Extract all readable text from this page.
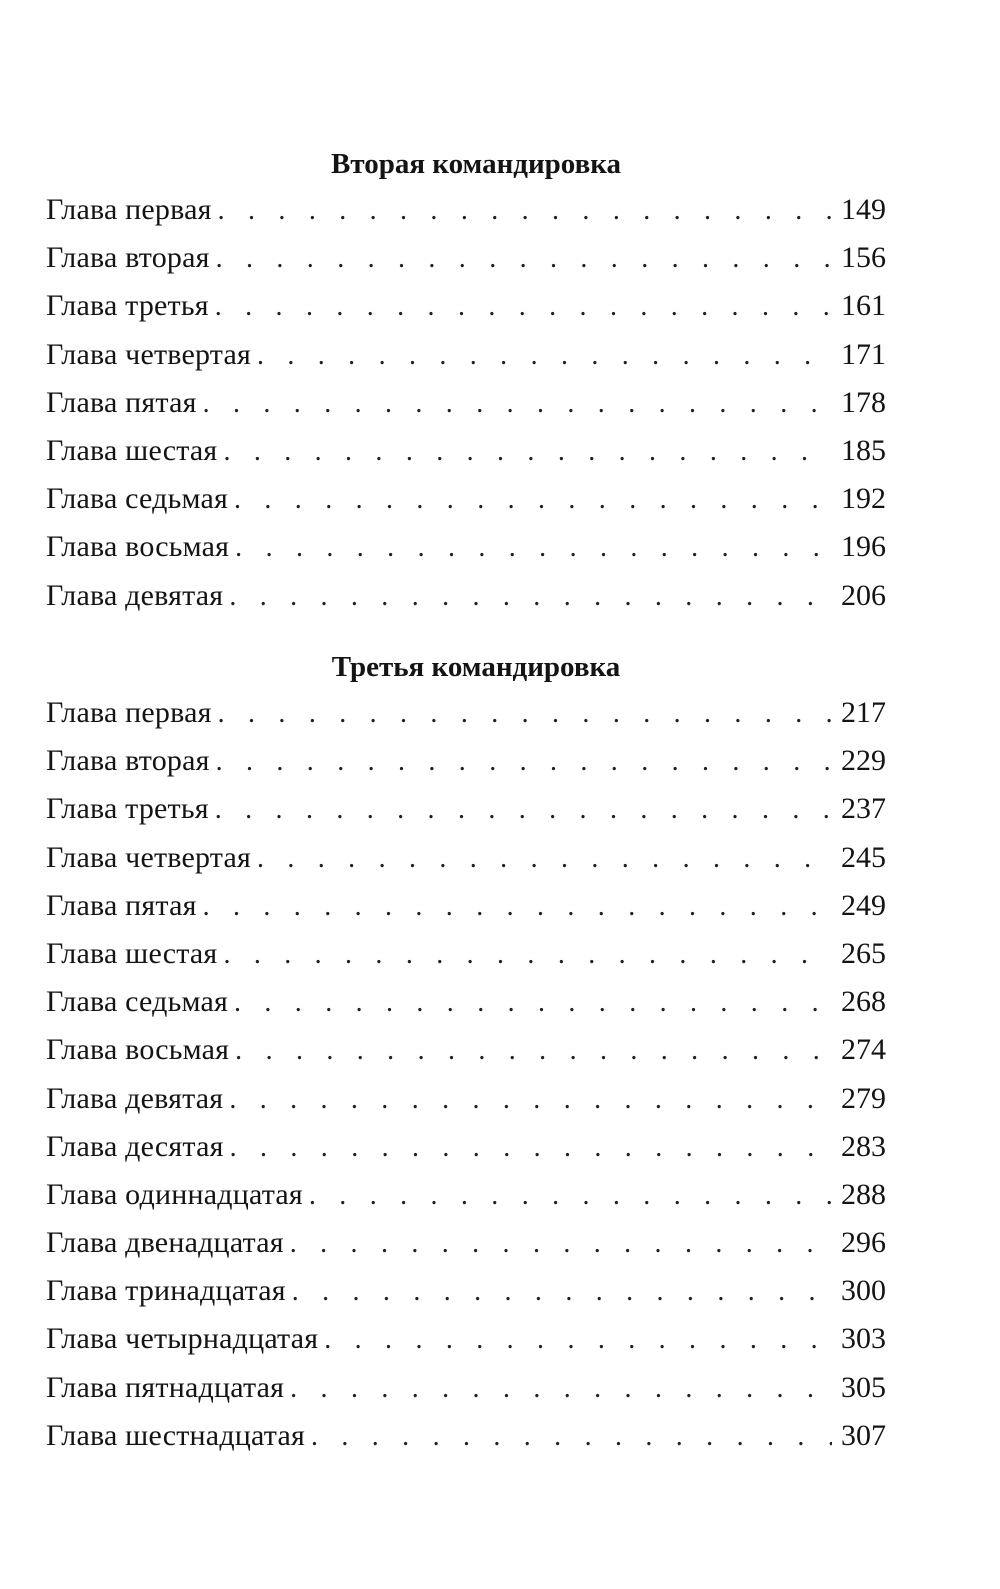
Вторая командировка
Глава первая . . .	149
Глава вторая . . .	156
Глава третья . . .	161
Глава четвертая . . .	171
Глава пятая . . .	178
Глава шестая . . .	185
Глава седьмая . . .	192
Глава восьмая . . .	196
Глава девятая . . .	206
Третья командировка
Глава первая . . .	217
Глава вторая . . .	229
Глава третья . . .	237
Глава четвертая . . .	245
Глава пятая . . .	249
Глава шестая . . .	265
Глава седьмая . . .	268
Глава восьмая . . .	274
Глава девятая . . .	279
Глава десятая . . .	283
Глава одиннадцатая . . .	288
Глава двенадцатая . . .	296
Глава тринадцатая . . .	300
Глава четырнадцатая . . .	303
Глава пятнадцатая . . .	305
Глава шестнадцатая . . .	307
